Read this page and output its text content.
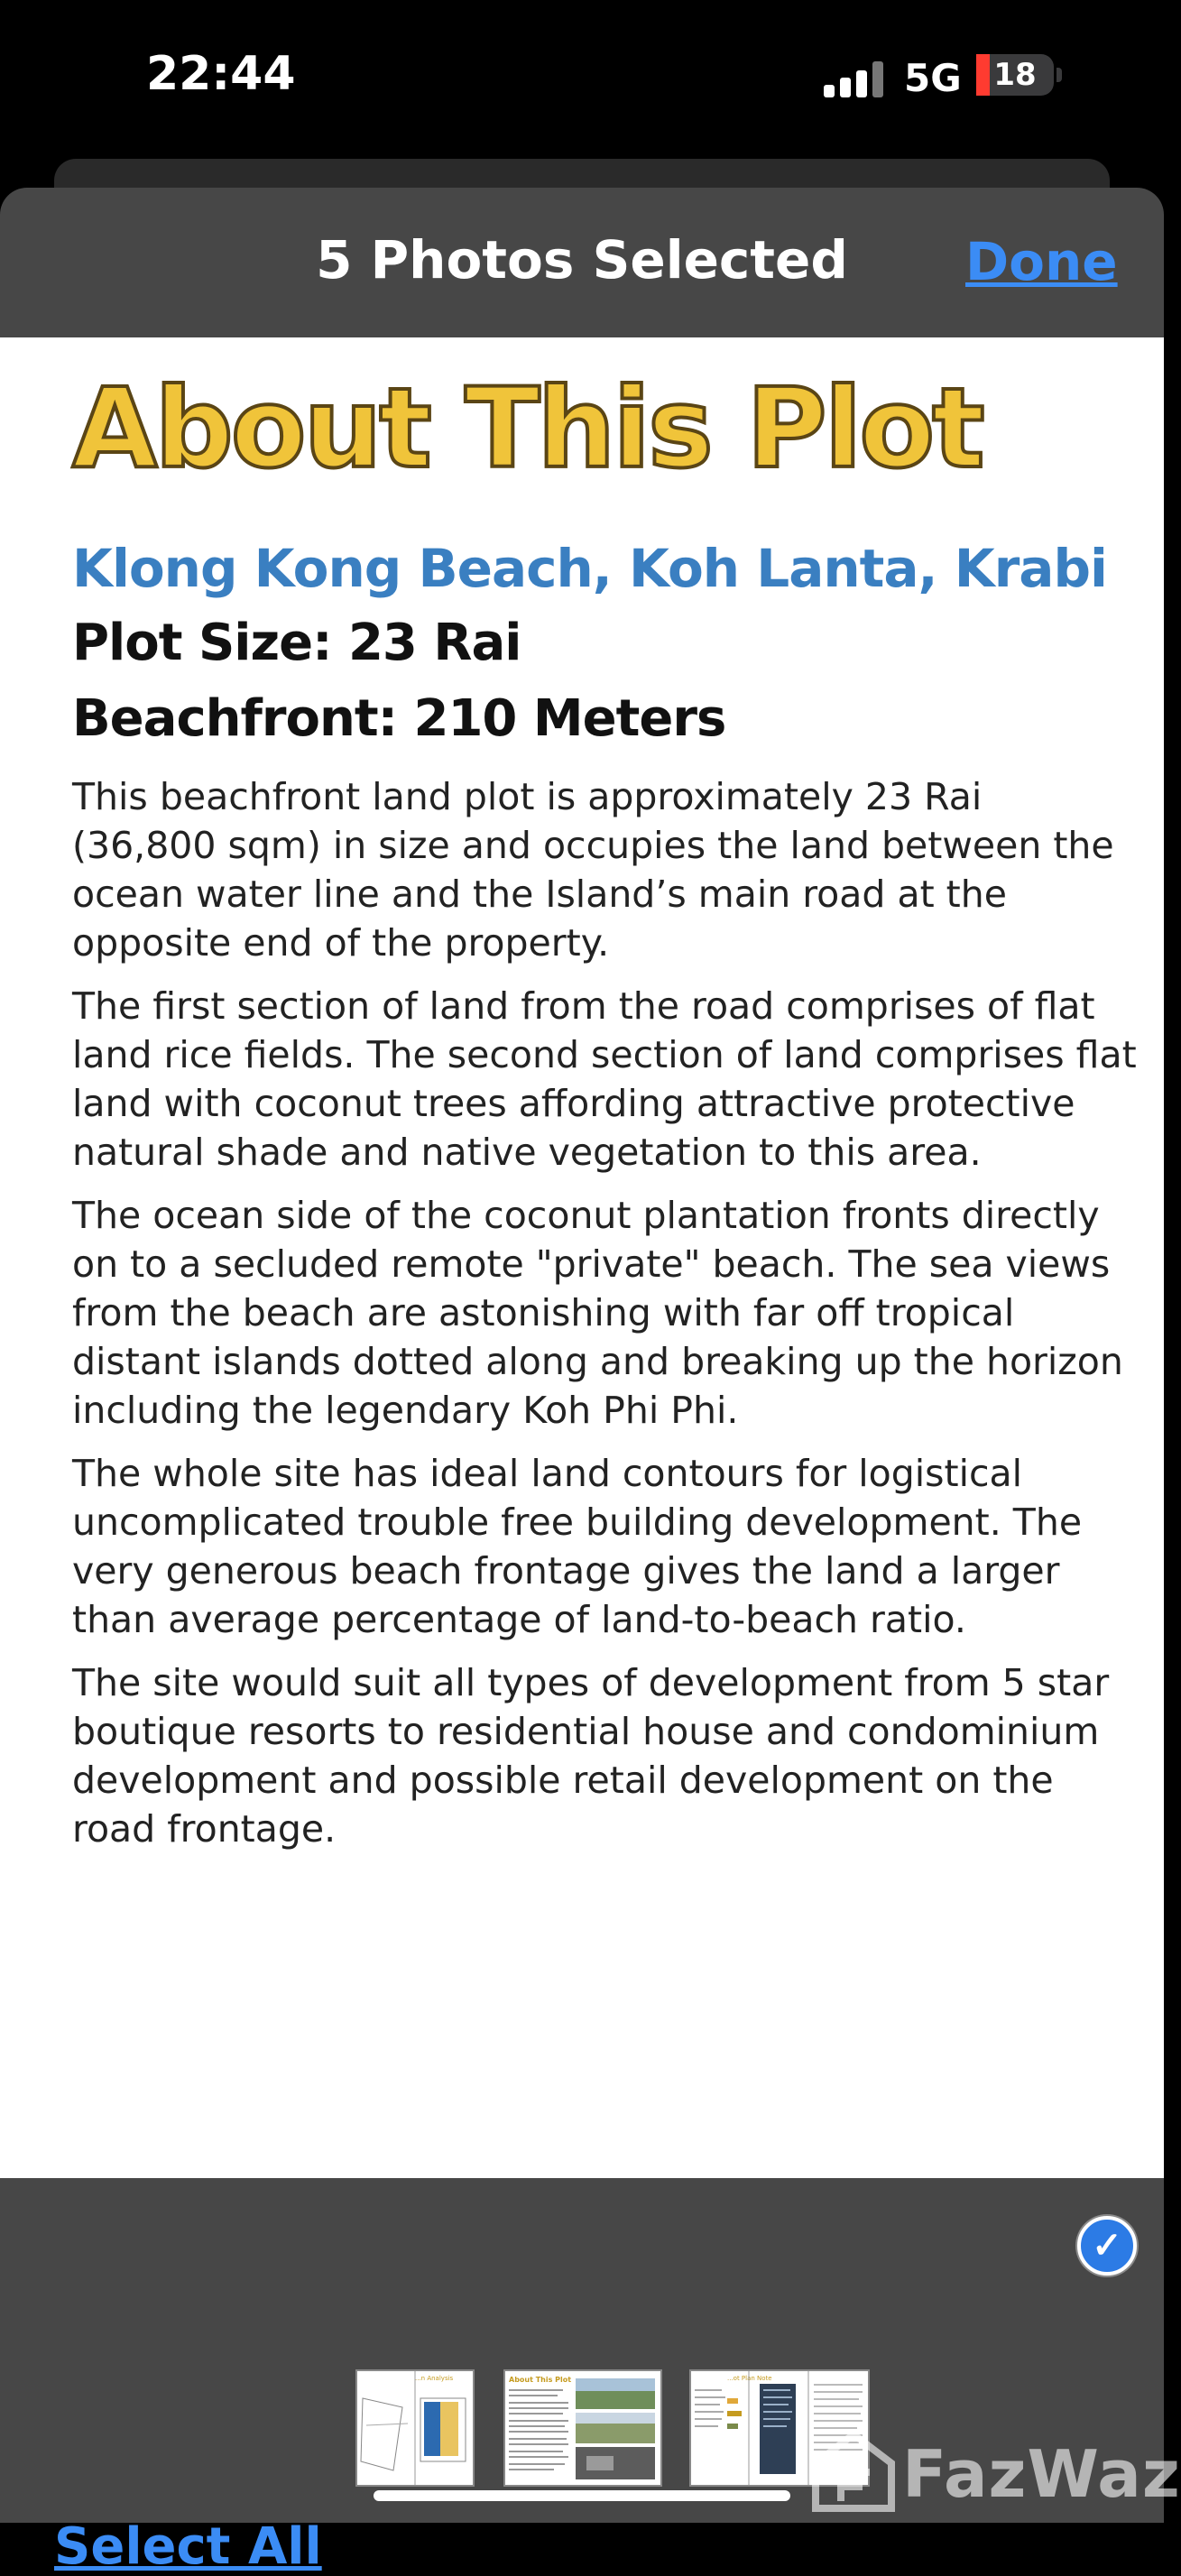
22:44	5G	18
5 Photos Selected	Done
About This Plot
Klong Kong Beach, Koh Lanta, Krabi
Plot Size: 23 Rai
Beachfront: 210 Meters

This beachfront land plot is approximately 23 Rai (36,800 sqm) in size and occupies the land between the ocean water line and the Island’s main road at the opposite end of the property.

The first section of land from the road comprises of flat land rice fields. The second section of land comprises flat land with coconut trees affording attractive protective natural shade and native vegetation to this area.

The ocean side of the coconut plantation fronts directly on to a secluded remote "private" beach. The sea views from the beach are astonishing with far off tropical distant islands dotted along and breaking up the horizon including the legendary Koh Phi Phi.

The whole site has ideal land contours for logistical uncomplicated trouble free building development. The very generous beach frontage gives the land a larger than average percentage of land-to-beach ratio.

The site would suit all types of development from 5 star boutique resorts to residential house and condominium development and possible retail development on the road frontage.

✓
...n Analysis	About This Plot	...ot Plan Note
Select All
FazWaz
